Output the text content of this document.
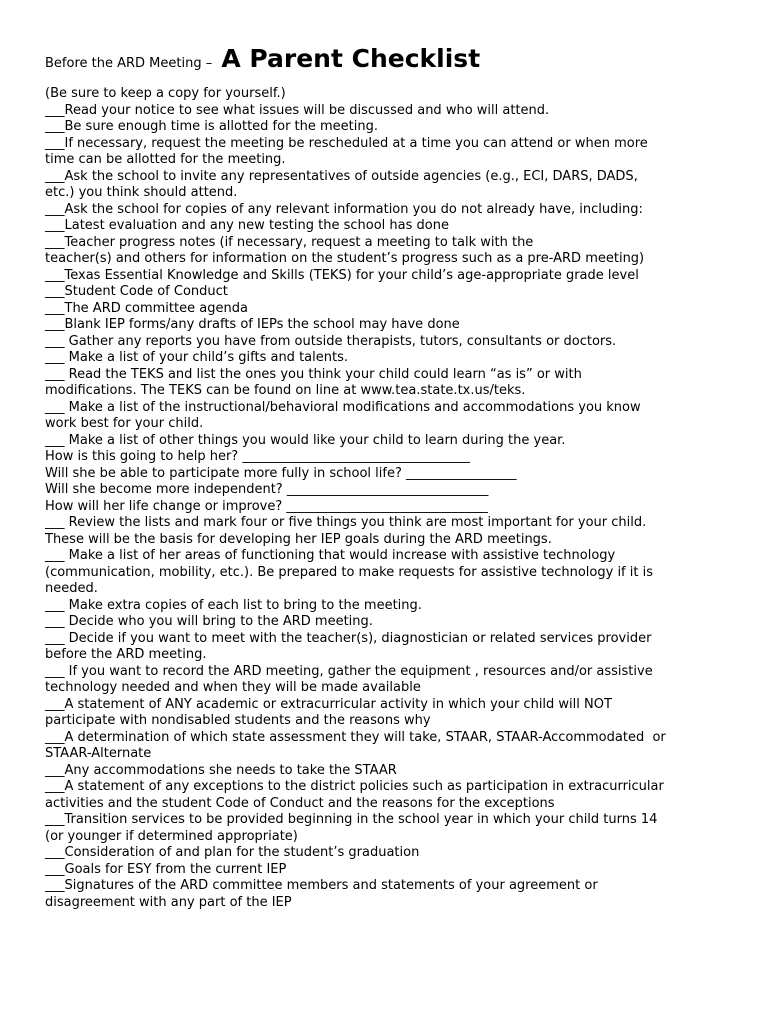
Before the ARD Meeting – A Parent Checklist
(Be sure to keep a copy for yourself.)
___Read your notice to see what issues will be discussed and who will attend.
___Be sure enough time is allotted for the meeting.
___If necessary, request the meeting be rescheduled at a time you can attend or when more
time can be allotted for the meeting.
___Ask the school to invite any representatives of outside agencies (e.g., ECI, DARS, DADS,
etc.) you think should attend.
___Ask the school for copies of any relevant information you do not already have, including:
___Latest evaluation and any new testing the school has done
___Teacher progress notes (if necessary, request a meeting to talk with the
teacher(s) and others for information on the student’s progress such as a pre-ARD meeting)
___Texas Essential Knowledge and Skills (TEKS) for your child’s age-appropriate grade level
___Student Code of Conduct
___The ARD committee agenda
___Blank IEP forms/any drafts of IEPs the school may have done
___ Gather any reports you have from outside therapists, tutors, consultants or doctors.
___ Make a list of your child’s gifts and talents.
___ Read the TEKS and list the ones you think your child could learn “as is” or with
modifications. The TEKS can be found on line at www.tea.state.tx.us/teks.
___ Make a list of the instructional/behavioral modifications and accommodations you know
work best for your child.
___ Make a list of other things you would like your child to learn during the year.
How is this going to help her? ___________________________________
Will she be able to participate more fully in school life? _________________
Will she become more independent? _______________________________
How will her life change or improve? _______________________________
___ Review the lists and mark four or five things you think are most important for your child.
These will be the basis for developing her IEP goals during the ARD meetings.
___ Make a list of her areas of functioning that would increase with assistive technology
(communication, mobility, etc.). Be prepared to make requests for assistive technology if it is
needed.
___ Make extra copies of each list to bring to the meeting.
___ Decide who you will bring to the ARD meeting.
___ Decide if you want to meet with the teacher(s), diagnostician or related services provider
before the ARD meeting.
___ If you want to record the ARD meeting, gather the equipment , resources and/or assistive
technology needed and when they will be made available
___A statement of ANY academic or extracurricular activity in which your child will NOT
participate with nondisabled students and the reasons why
___A determination of which state assessment they will take, STAAR, STAAR-Accommodated  or
STAAR-Alternate
___Any accommodations she needs to take the STAAR
___A statement of any exceptions to the district policies such as participation in extracurricular
activities and the student Code of Conduct and the reasons for the exceptions
___Transition services to be provided beginning in the school year in which your child turns 14
(or younger if determined appropriate)
___Consideration of and plan for the student’s graduation
___Goals for ESY from the current IEP
___Signatures of the ARD committee members and statements of your agreement or
disagreement with any part of the IEP
